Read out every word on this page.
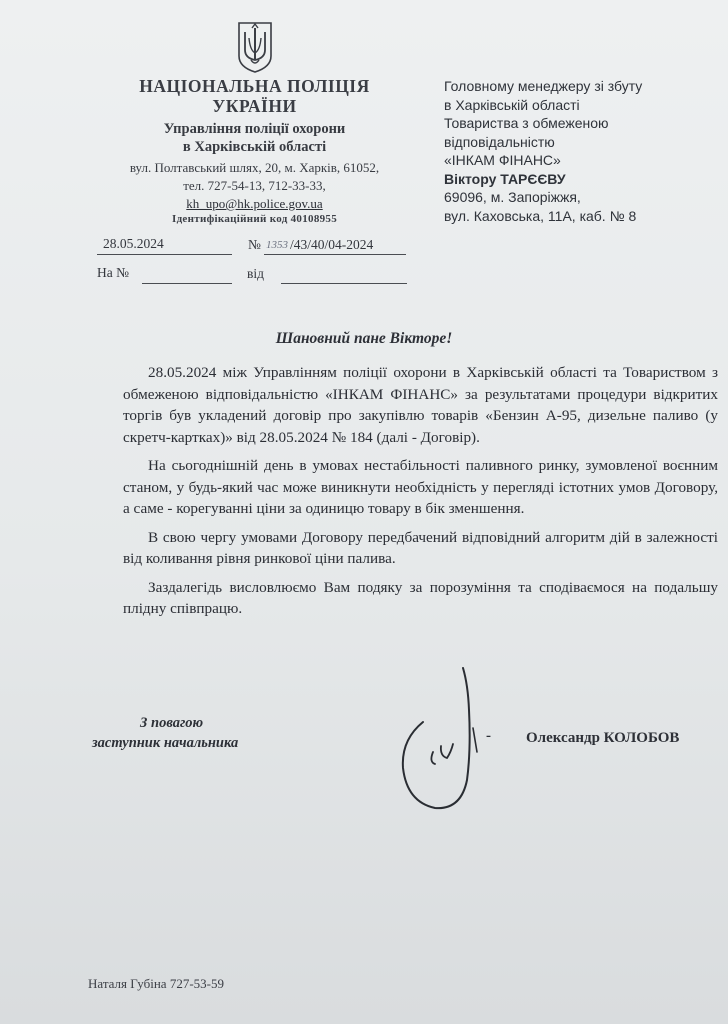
НАЦІОНАЛЬНА ПОЛІЦІЯ
УКРАЇНИ
Управління поліції охорони
в Харківській області
вул. Полтавський шлях, 20, м. Харків, 61052,
тел. 727-54-13, 712-33-33,
kh_upo@hk.police.gov.ua
Ідентифікаційний код 40108955
Головному менеджеру зі збуту
в Харківській області
Товариства з обмеженою
відповідальністю
«ІНКАМ ФІНАНС»
Віктору ТАРЄЄВУ
69096, м. Запоріжжя,
вул. Каховська, 11А, каб. № 8
28.05.2024	№ 1353 /43/40/04-2024
На №	від
Шановний пане Вікторе!

28.05.2024 між Управлінням поліції охорони в Харківській області та Товариством з обмеженою відповідальністю «ІНКАМ ФІНАНС» за результатами процедури відкритих торгів був укладений договір про закупівлю товарів «Бензин А-95, дизельне паливо (у скретч-картках)» від 28.05.2024 № 184 (далі - Договір).

На сьогоднішній день в умовах нестабільності паливного ринку, зумовленої воєнним станом, у будь-який час може виникнути необхідність у перегляді істотних умов Договору, а саме - корегуванні ціни за одиницю товару в бік зменшення.

В свою чергу умовами Договору передбачений відповідний алгоритм дій в залежності від коливання рівня ринкової ціни палива.

Заздалегідь висловлюємо Вам подяку за порозуміння та сподіваємося на подальшу плідну співпрацю.

З повагою
заступник начальника	- Олександр КОЛОБОВ
Наталя Губіна 727-53-59
